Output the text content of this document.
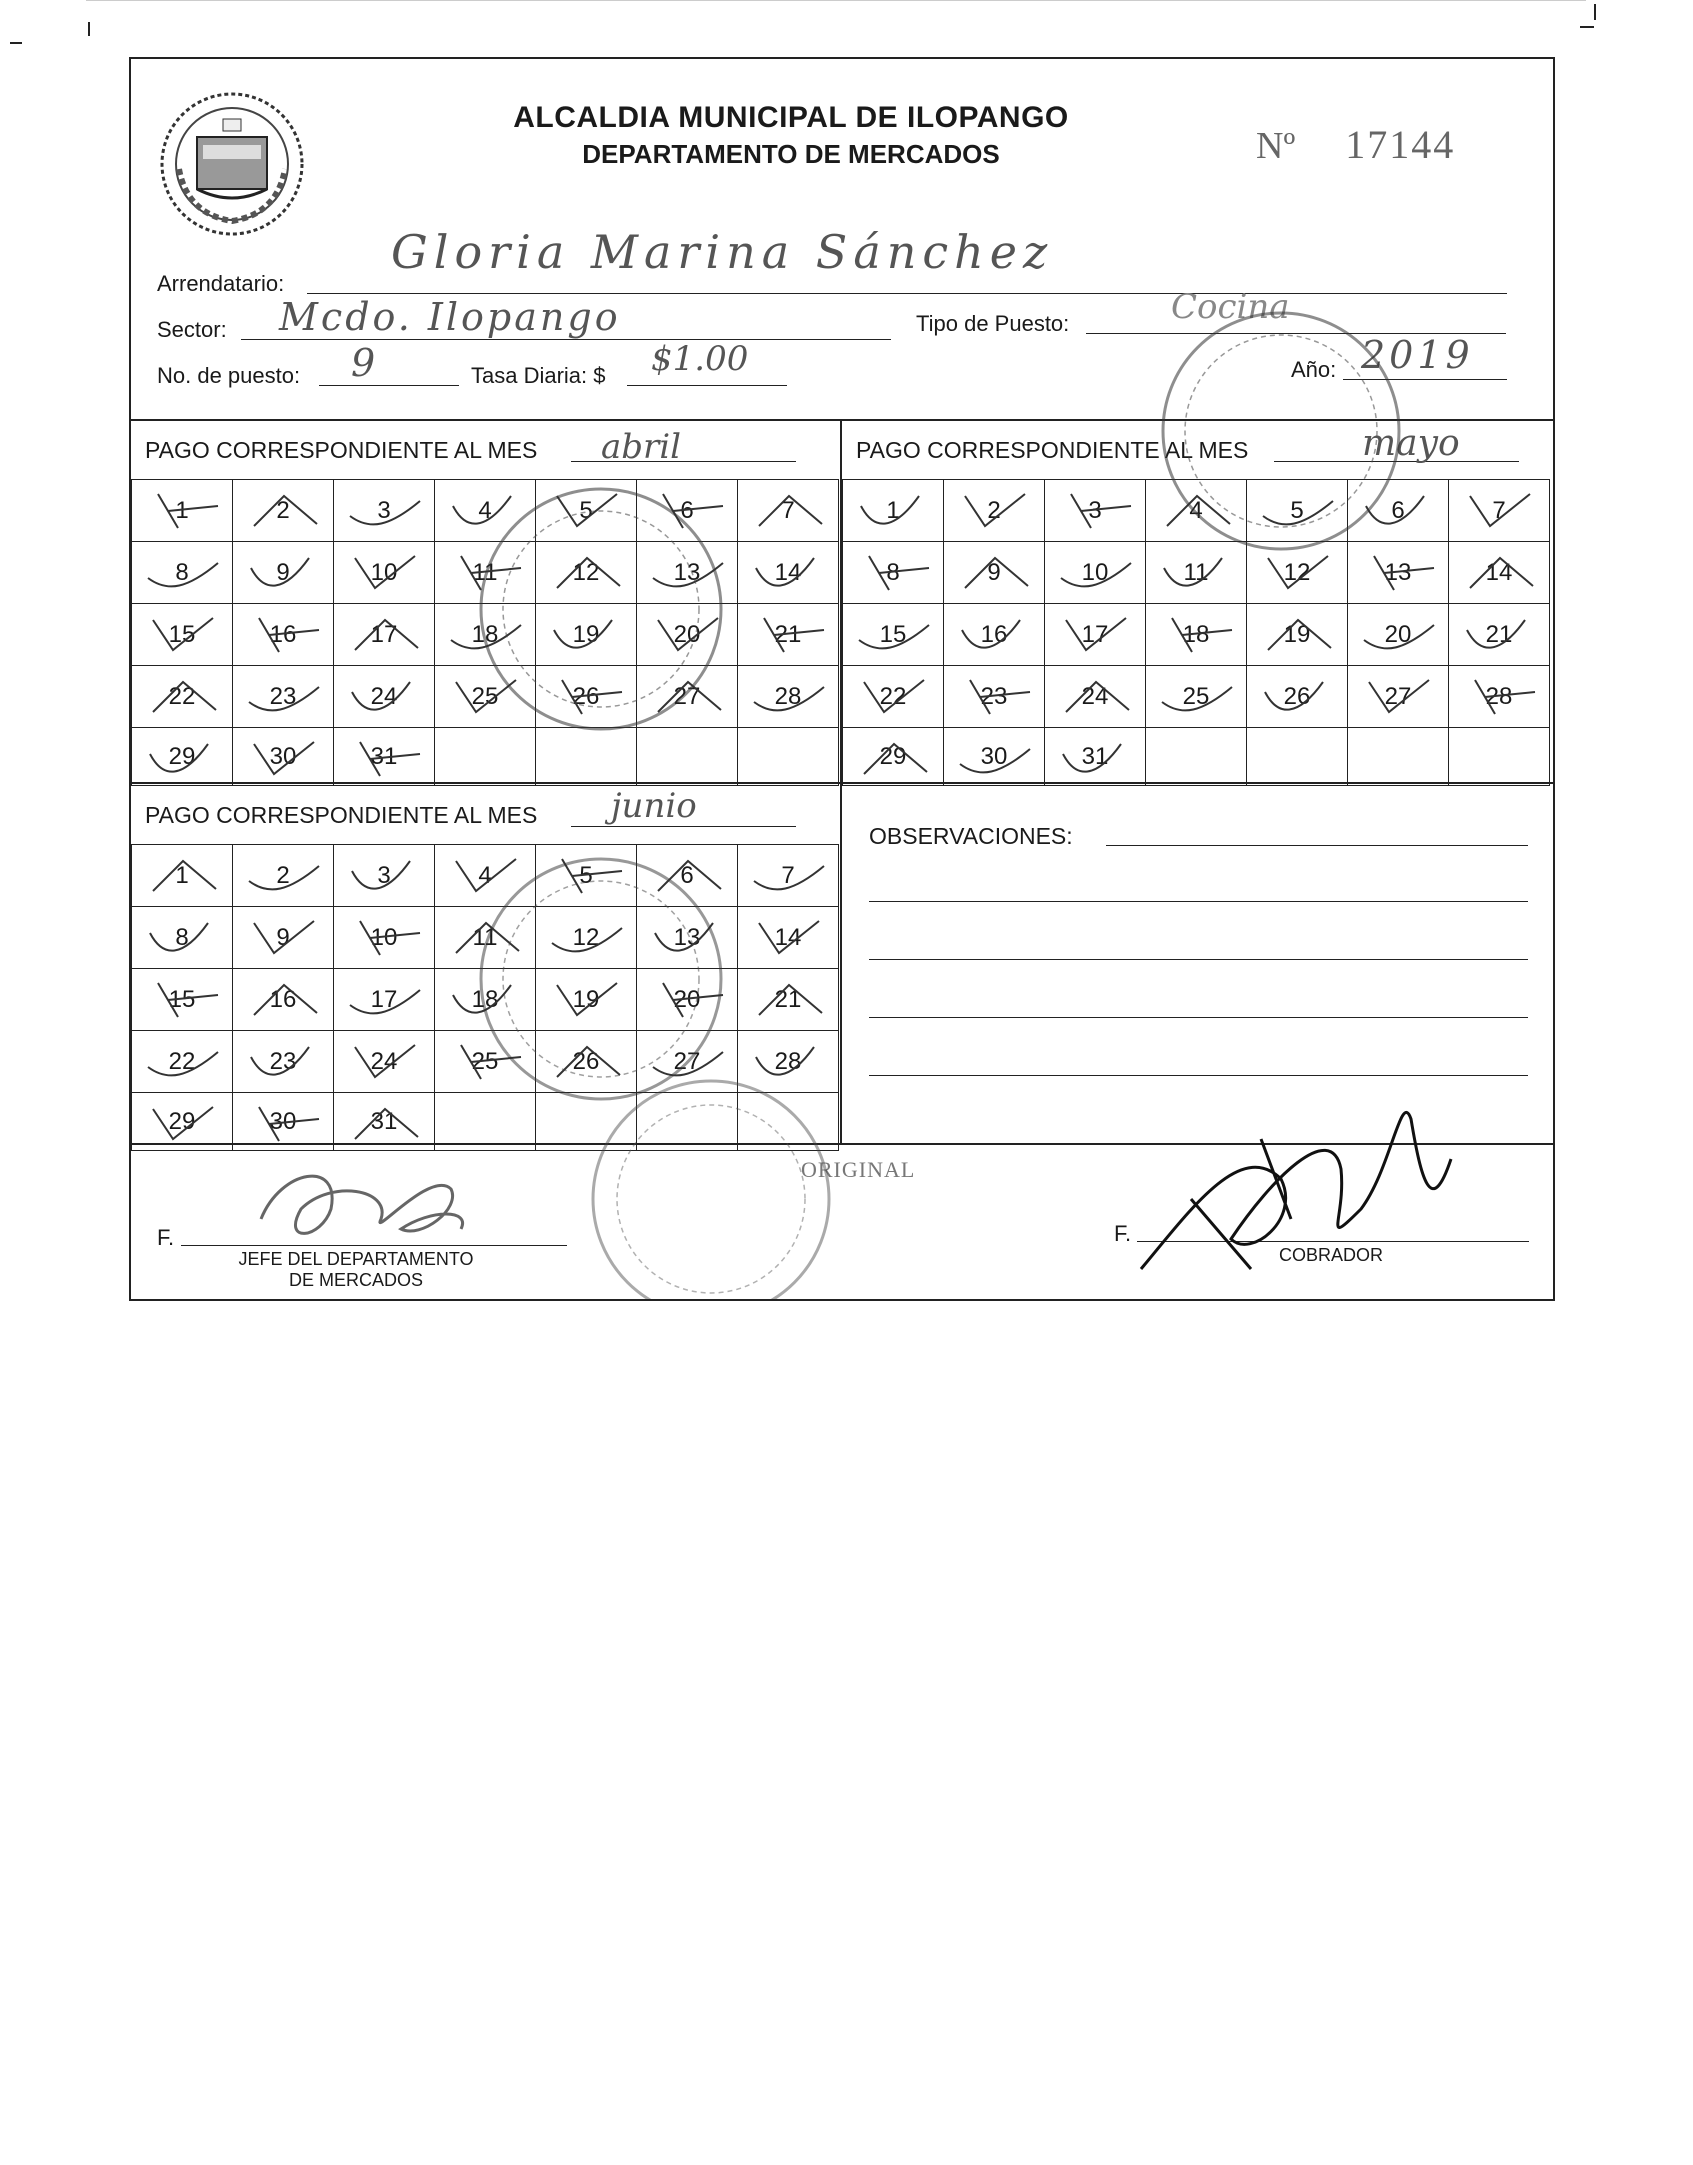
ALCALDIA MUNICIPAL DE ILOPANGO
DEPARTAMENTO DE MERCADOS	Nº 17144
Arrendatario:
Gloria Marina Sánchez
Sector: Mcdo. Ilopango	Tipo de Puesto:	Cocina
No. de puesto: 9	Tasa Diaria: $ $1.00	Año: 2019
PAGO CORRESPONDIENTE AL MES abril
1	2	3	4	5	6	7

8	9	10	11	12	13	14

15	16	17	18	19	20	21

22	23	24	25	26	27	28

29	30	31

PAGO CORRESPONDIENTE AL MES	mayo
1	2	3	4	5	6	7

8	9	10	11	12	13	14

15	16	17	18	19	20	21

22	23	24	25	26	27	28

29	30	31

PAGO CORRESPONDIENTE AL MES junio
1	2	3	4	5	6	7

8	9	10	11	12	13	14

15	16	17	18	19	20	21

22	23	24	25	26	27	28

29	30	31

OBSERVACIONES:
ORIGINAL
F.
JEFE DEL DEPARTAMENTO
DE MERCADOS
F.
COBRADOR
